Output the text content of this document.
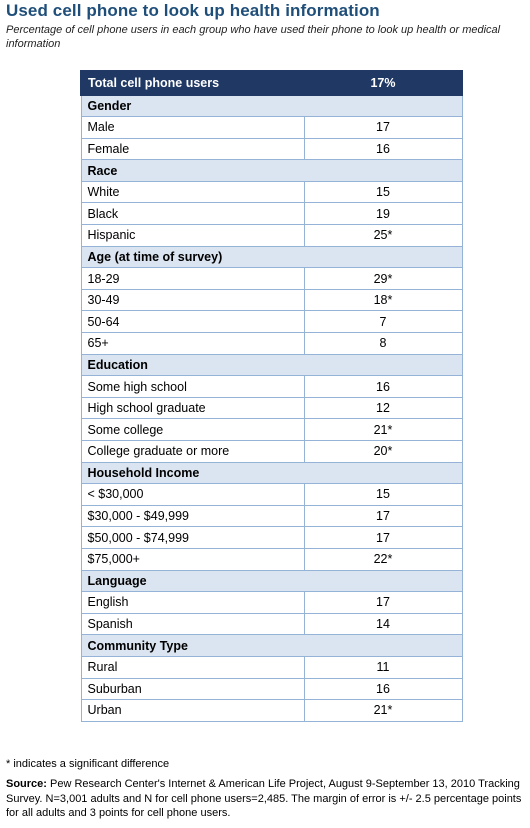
Used cell phone to look up health information

Percentage of cell phone users in each group who have used their phone to look up health or medical information

Total cell phone users	17%
Gender	
Male	17
Female	16
Race	
White	15
Black	19
Hispanic	25*
Age (at time of survey)	
18-29	29*
30-49	18*
50-64	7
65+	8
Education	
Some high school	16
High school graduate	12
Some college	21*
College graduate or more	20*
Household Income	
< $30,000	15
$30,000 - $49,999	17
$50,000 - $74,999	17
$75,000+	22*
Language	
English	17
Spanish	14
Community Type	
Rural	11
Suburban	16
Urban	21*

* indicates a significant difference

Source: Pew Research Center's Internet & American Life Project, August 9-September 13, 2010 Tracking Survey. N=3,001 adults and N for cell phone users=2,485. The margin of error is +/- 2.5 percentage points for all adults and 3 points for cell phone users.
